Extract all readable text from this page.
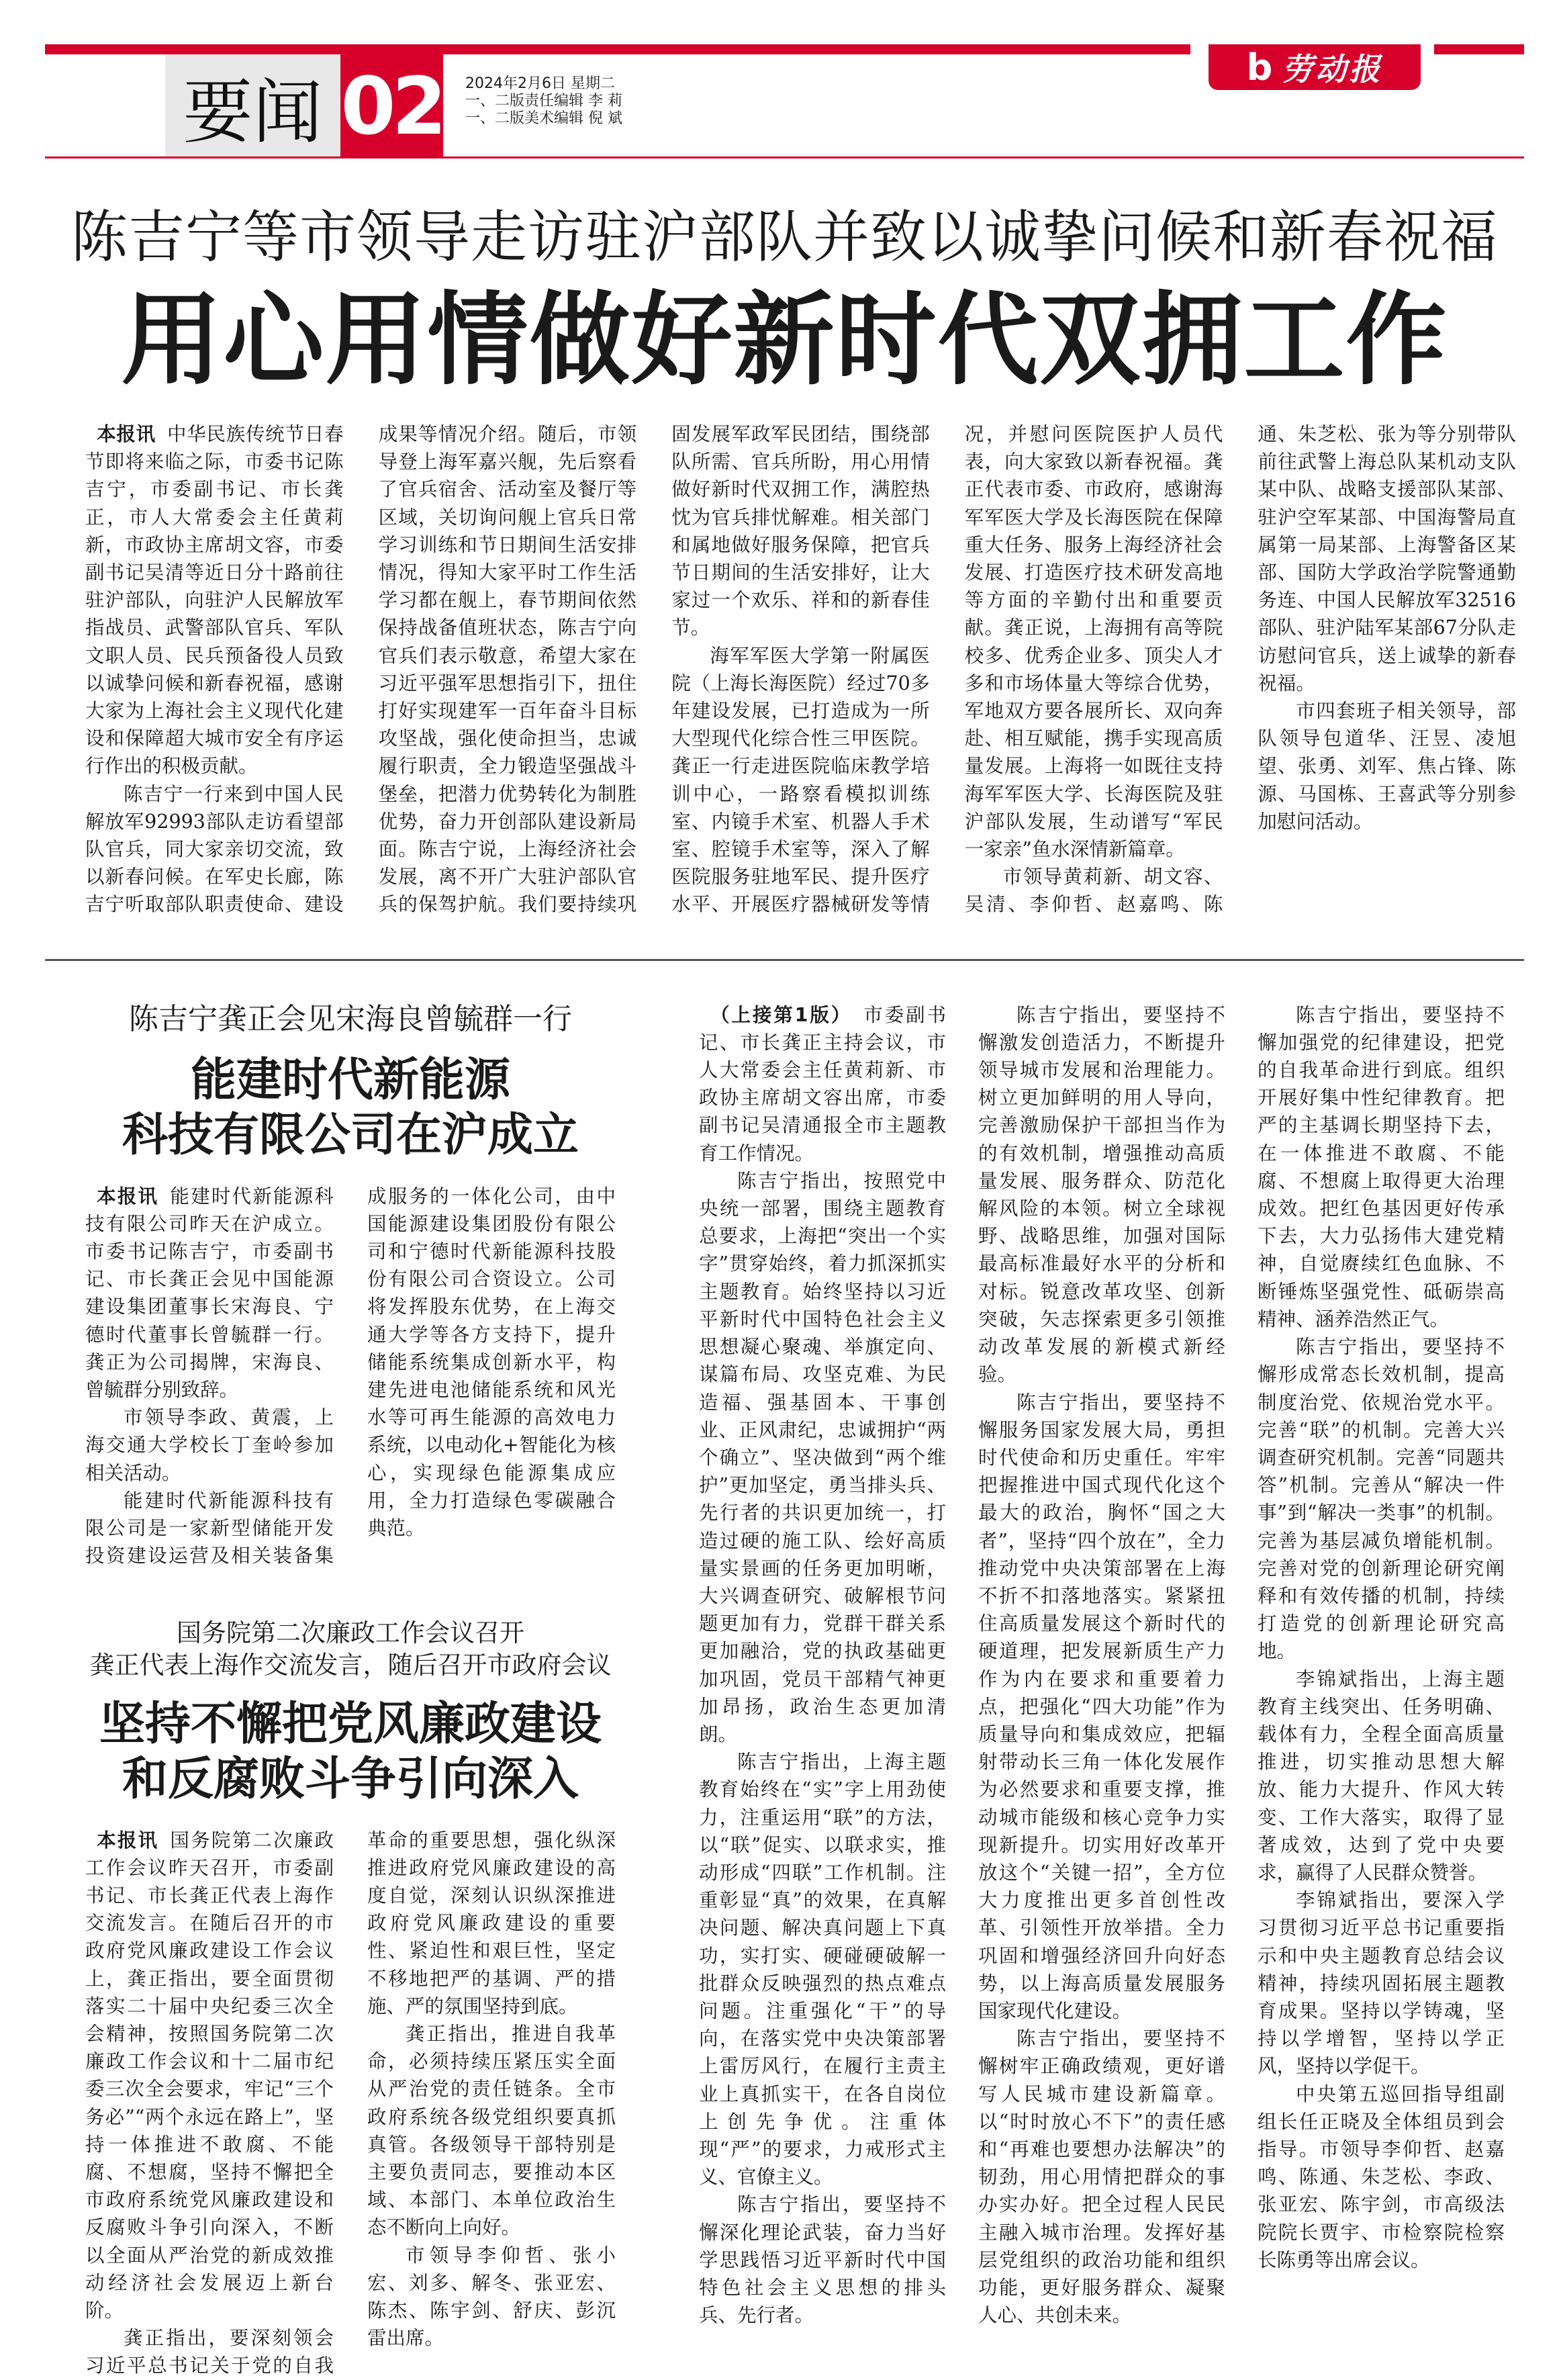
b 劳动报
要闻 02 2024年2月6日 星期二
一、二版责任编辑 李 莉
一、二版美术编辑 倪 斌
陈吉宁等市领导走访驻沪部队并致以诚挚问候和新春祝福
用心用情做好新时代双拥工作

本报讯 中华民族传统节日春节即将来临之际，市委书记陈吉宁，市委副书记、市长龚正，市人大常委会主任黄莉新，市政协主席胡文容，市委副书记吴清等近日分十路前往驻沪部队，向驻沪人民解放军指战员、武警部队官兵、军队文职人员、民兵预备役人员致以诚挚问候和新春祝福，感谢大家为上海社会主义现代化建设和保障超大城市安全有序运行作出的积极贡献。

陈吉宁一行来到中国人民解放军92993部队走访看望部队官兵，同大家亲切交流，致以新春问候。在军史长廊，陈吉宁听取部队职责使命、建设成果等情况介绍。随后，市领导登上海军嘉兴舰，先后察看了官兵宿舍、活动室及餐厅等区域，关切询问舰上官兵日常学习训练和节日期间生活安排情况，得知大家平时工作生活学习都在舰上，春节期间依然保持战备值班状态，陈吉宁向官兵们表示敬意，希望大家在习近平强军思想指引下，扭住打好实现建军一百年奋斗目标攻坚战，强化使命担当，忠诚履行职责，全力锻造坚强战斗堡垒，把潜力优势转化为制胜优势，奋力开创部队建设新局面。陈吉宁说，上海经济社会发展，离不开广大驻沪部队官兵的保驾护航。我们要持续巩固发展军政军民团结，围绕部队所需、官兵所盼，用心用情做好新时代双拥工作，满腔热忱为官兵排忧解难。相关部门和属地做好服务保障，把官兵节日期间的生活安排好，让大家过一个欢乐、祥和的新春佳节。

海军军医大学第一附属医院（上海长海医院）经过70多年建设发展，已打造成为一所大型现代化综合性三甲医院。龚正一行走进医院临床教学培训中心，一路察看模拟训练室、内镜手术室、机器人手术室、腔镜手术室等，深入了解医院服务驻地军民、提升医疗水平、开展医疗器械研发等情况，并慰问医院医护人员代表，向大家致以新春祝福。龚正代表市委、市政府，感谢海军军医大学及长海医院在保障重大任务、服务上海经济社会发展、打造医疗技术研发高地等方面的辛勤付出和重要贡献。龚正说，上海拥有高等院校多、优秀企业多、顶尖人才多和市场体量大等综合优势，军地双方要各展所长、双向奔赴、相互赋能，携手实现高质量发展。上海将一如既往支持海军军医大学、长海医院及驻沪部队发展，生动谱写“军民一家亲”鱼水深情新篇章。

市领导黄莉新、胡文容、吴清、李仰哲、赵嘉鸣、陈通、朱芝松、张为等分别带队前往武警上海总队某机动支队某中队、战略支援部队某部、驻沪空军某部、中国海警局直属第一局某部、上海警备区某部、国防大学政治学院警通勤务连、中国人民解放军32516部队、驻沪陆军某部67分队走访慰问官兵，送上诚挚的新春祝福。

市四套班子相关领导，部队领导包道华、汪昱、凌旭望、张勇、刘军、焦占锋、陈源、马国栋、王喜武等分别参加慰问活动。

陈吉宁龚正会见宋海良曾毓群一行
能建时代新能源
科技有限公司在沪成立

本报讯 能建时代新能源科技有限公司昨天在沪成立。市委书记陈吉宁，市委副书记、市长龚正会见中国能源建设集团董事长宋海良、宁德时代董事长曾毓群一行。龚正为公司揭牌，宋海良、曾毓群分别致辞。

市领导李政、黄震，上海交通大学校长丁奎岭参加相关活动。

能建时代新能源科技有限公司是一家新型储能开发投资建设运营及相关装备集成服务的一体化公司，由中国能源建设集团股份有限公司和宁德时代新能源科技股份有限公司合资设立。公司将发挥股东优势，在上海交通大学等各方支持下，提升储能系统集成创新水平，构建先进电池储能系统和风光水等可再生能源的高效电力系统，以电动化+智能化为核心，实现绿色能源集成应用，全力打造绿色零碳融合典范。

国务院第二次廉政工作会议召开
龚正代表上海作交流发言，随后召开市政府会议
坚持不懈把党风廉政建设
和反腐败斗争引向深入

本报讯 国务院第二次廉政工作会议昨天召开，市委副书记、市长龚正代表上海作交流发言。在随后召开的市政府党风廉政建设工作会议上，龚正指出，要全面贯彻落实二十届中央纪委三次全会精神，按照国务院第二次廉政工作会议和十二届市纪委三次全会要求，牢记“三个务必”“两个永远在路上”，坚持一体推进不敢腐、不能腐、不想腐，坚持不懈把全市政府系统党风廉政建设和反腐败斗争引向深入，不断以全面从严治党的新成效推动经济社会发展迈上新台阶。

龚正指出，要深刻领会习近平总书记关于党的自我革命的重要思想，强化纵深推进政府党风廉政建设的高度自觉，深刻认识纵深推进政府党风廉政建设的重要性、紧迫性和艰巨性，坚定不移地把严的基调、严的措施、严的氛围坚持到底。

龚正指出，推进自我革命，必须持续压紧压实全面从严治党的责任链条。全市政府系统各级党组织要真抓真管。各级领导干部特别是主要负责同志，要推动本区域、本部门、本单位政治生态不断向上向好。

市领导李仰哲、张小宏、刘多、解冬、张亚宏、陈杰、陈宇剑、舒庆、彭沉雷出席。

（上接第1版） 市委副书记、市长龚正主持会议，市人大常委会主任黄莉新、市政协主席胡文容出席，市委副书记吴清通报全市主题教育工作情况。

陈吉宁指出，按照党中央统一部署，围绕主题教育总要求，上海把“突出一个实字”贯穿始终，着力抓深抓实主题教育。始终坚持以习近平新时代中国特色社会主义思想凝心聚魂、举旗定向、谋篇布局、攻坚克难、为民造福、强基固本、干事创业、正风肃纪，忠诚拥护“两个确立”、坚决做到“两个维护”更加坚定，勇当排头兵、先行者的共识更加统一，打造过硬的施工队、绘好高质量实景画的任务更加明晰，大兴调查研究、破解根节问题更加有力，党群干群关系更加融洽，党的执政基础更加巩固，党员干部精气神更加昂扬，政治生态更加清朗。

陈吉宁指出，上海主题教育始终在“实”字上用劲使力，注重运用“联”的方法，以“联”促实、以联求实，推动形成“四联”工作机制。注重彰显“真”的效果，在真解决问题、解决真问题上下真功，实打实、硬碰硬破解一批群众反映强烈的热点难点问题。注重强化“干”的导向，在落实党中央决策部署上雷厉风行，在履行主责主业上真抓实干，在各自岗位上创先争优。注重体现“严”的要求，力戒形式主义、官僚主义。

陈吉宁指出，要坚持不懈深化理论武装，奋力当好学思践悟习近平新时代中国特色社会主义思想的排头兵、先行者。

陈吉宁指出，要坚持不懈激发创造活力，不断提升领导城市发展和治理能力。树立更加鲜明的用人导向，完善激励保护干部担当作为的有效机制，增强推动高质量发展、服务群众、防范化解风险的本领。树立全球视野、战略思维，加强对国际最高标准最好水平的分析和对标。锐意改革攻坚、创新突破，矢志探索更多引领推动改革发展的新模式新经验。

陈吉宁指出，要坚持不懈服务国家发展大局，勇担时代使命和历史重任。牢牢把握推进中国式现代化这个最大的政治，胸怀“国之大者”，坚持“四个放在”，全力推动党中央决策部署在上海不折不扣落地落实。紧紧扭住高质量发展这个新时代的硬道理，把发展新质生产力作为内在要求和重要着力点，把强化“四大功能”作为质量导向和集成效应，把辐射带动长三角一体化发展作为必然要求和重要支撑，推动城市能级和核心竞争力实现新提升。切实用好改革开放这个“关键一招”，全方位大力度推出更多首创性改革、引领性开放举措。全力巩固和增强经济回升向好态势，以上海高质量发展服务国家现代化建设。

陈吉宁指出，要坚持不懈树牢正确政绩观，更好谱写人民城市建设新篇章。以“时时放心不下”的责任感和“再难也要想办法解决”的韧劲，用心用情把群众的事办实办好。把全过程人民民主融入城市治理。发挥好基层党组织的政治功能和组织功能，更好服务群众、凝聚人心、共创未来。

陈吉宁指出，要坚持不懈加强党的纪律建设，把党的自我革命进行到底。组织开展好集中性纪律教育。把严的主基调长期坚持下去，在一体推进不敢腐、不能腐、不想腐上取得更大治理成效。把红色基因更好传承下去，大力弘扬伟大建党精神，自觉赓续红色血脉、不断锤炼坚强党性、砥砺崇高精神、涵养浩然正气。

陈吉宁指出，要坚持不懈形成常态长效机制，提高制度治党、依规治党水平。完善“联”的机制。完善大兴调查研究机制。完善“同题共答”机制。完善从“解决一件事”到“解决一类事”的机制。完善为基层减负增能机制。完善对党的创新理论研究阐释和有效传播的机制，持续打造党的创新理论研究高地。

李锦斌指出，上海主题教育主线突出、任务明确、载体有力，全程全面高质量推进，切实推动思想大解放、能力大提升、作风大转变、工作大落实，取得了显著成效，达到了党中央要求，赢得了人民群众赞誉。

李锦斌指出，要深入学习贯彻习近平总书记重要指示和中央主题教育总结会议精神，持续巩固拓展主题教育成果。坚持以学铸魂，坚持以学增智，坚持以学正风，坚持以学促干。

中央第五巡回指导组副组长任正晓及全体组员到会指导。市领导李仰哲、赵嘉鸣、陈通、朱芝松、李政、张亚宏、陈宇剑，市高级法院院长贾宇、市检察院检察长陈勇等出席会议。
